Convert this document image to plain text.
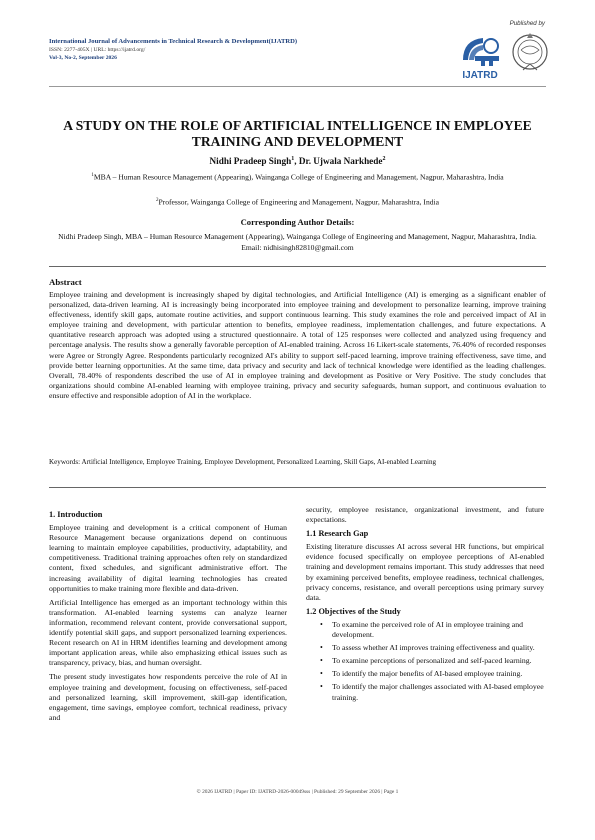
International Journal of Advancements in Technical Research & Development(IJATRD)
ISSN: 2277-405X | URL: https://ijatrd.org/
Vol-3, No-2, September 2026
Published by
IJATRD
A STUDY ON THE ROLE OF ARTIFICIAL INTELLIGENCE IN EMPLOYEE TRAINING AND DEVELOPMENT
Nidhi Pradeep Singh$^1$, Dr. Ujwala Narkhede$^2$
$^1$MBA – Human Resource Management (Appearing), Wainganga College of Engineering and Management, Nagpur, Maharashtra, India
$^2$Professor, Wainganga College of Engineering and Management, Nagpur, Maharashtra, India
Corresponding Author Details:
Nidhi Pradeep Singh, MBA – Human Resource Management (Appearing), Wainganga College of Engineering and Management, Nagpur, Maharashtra, India. Email: nidhisingh82810@gmail.com
Abstract
Employee training and development is increasingly shaped by digital technologies, and Artificial Intelligence (AI) is emerging as a significant enabler of personalized, data-driven learning. AI is increasingly being incorporated into employee training and development to personalize learning, improve training effectiveness, identify skill gaps, automate routine activities, and support continuous learning. This study examines the role and perceived impact of AI in employee training and development, with particular attention to benefits, employee readiness, implementation challenges, and future expectations. A quantitative research approach was adopted using a structured questionnaire. A total of 125 responses were collected and analyzed using frequency and percentage analysis. The results show a generally favorable perception of AI-enabled training. Across 16 Likert-scale statements, 76.40% of recorded responses were Agree or Strongly Agree. Respondents particularly recognized AI's ability to support self-paced learning, improve training effectiveness, save time, and provide better learning opportunities. At the same time, data privacy and security and lack of technical knowledge were identified as the leading challenges. Overall, 78.40% of respondents described the use of AI in employee training and development as Positive or Very Positive. The study concludes that organizations should combine AI-enabled learning with employee training, privacy and security safeguards, human support, and continuous evaluation to ensure effective and responsible adoption of AI in the workplace.
Keywords: Artificial Intelligence, Employee Training, Employee Development, Personalized Learning, Skill Gaps, AI-enabled Learning
1. Introduction

Employee training and development is a critical component of Human Resource Management because organizations depend on continuous learning to maintain employee capabilities, productivity, adaptability, and competitiveness. Traditional training approaches often rely on standardized content, fixed schedules, and significant administrative effort. The increasing availability of digital learning technologies has created opportunities to make training more flexible and data-driven.

Artificial Intelligence has emerged as an important technology within this transformation. AI-enabled learning systems can analyze learner information, recommend relevant content, provide conversational support, identify potential skill gaps, and support personalized learning experiences. Recent research on AI in HRM identifies learning and development among important application areas, while also emphasizing ethical issues such as transparency, privacy, bias, and human oversight.

The present study investigates how respondents perceive the role of AI in employee training and development, focusing on effectiveness, self-paced and personalized learning, skill improvement, skill-gap identification, engagement, time savings, employee comfort, technical readiness, privacy and

security, employee resistance, organizational investment, and future expectations.

1.1 Research Gap

Existing literature discusses AI across several HR functions, but empirical evidence focused specifically on employee perceptions of AI-enabled training and development remains important. This study addresses that need by examining perceived benefits, employee readiness, technical challenges, privacy concerns, resistance, and overall perceptions using primary survey data.

1.2 Objectives of the Study
• To examine the perceived role of AI in employee training and development.
• To assess whether AI improves training effectiveness and quality.
• To examine perceptions of personalized and self-paced learning.
• To identify the major benefits of AI-based employee training.
• To identify the major challenges associated with AI-based employee training.
© 2026 IJATRD | Paper ID: IJATRD-2026-00049sss | Published: 29 September 2026 | Page 1
